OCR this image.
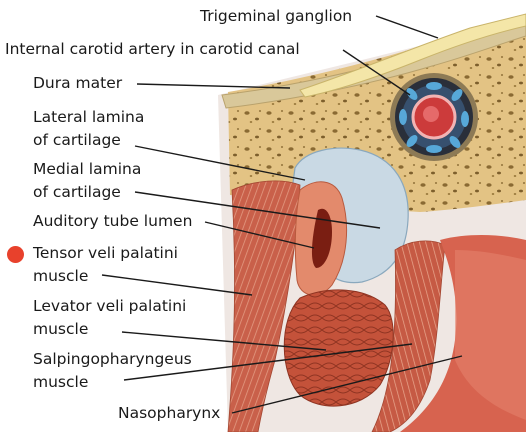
Trigeminal ganglion
Internal carotid artery in carotid canal
Dura mater
Lateral lamina
of cartilage
Medial lamina
of cartilage
Auditory tube lumen
Tensor veli palatini
muscle
Levator veli palatini
muscle
Salpingopharyngeus
muscle
Nasopharynx
